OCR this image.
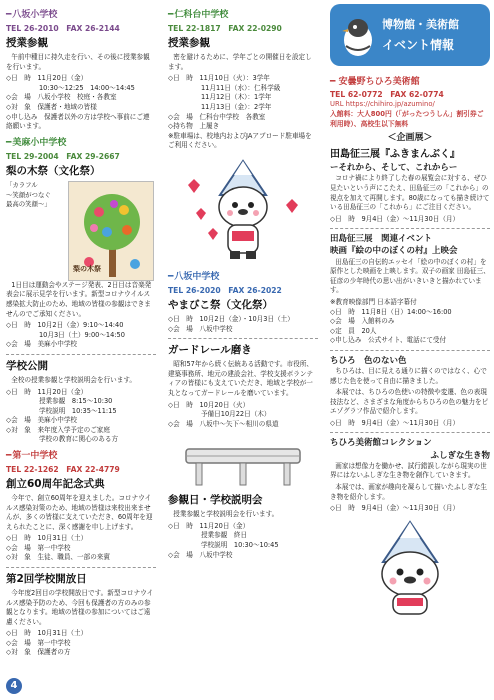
━ 八坂小学校
TEL 26-2010　FAX 26-2144
授業参観
午前中種目に持久走を行い、その後に授業参観を行います。
◇日　時　11月20日（金）
　　　　　10:30～12:25　14:00～14:45
◇会　場　八坂小学校　校庭・各教室
◇対　象　保護者・地域の皆様
◇申し込み　保護者以外の方は学校へ事前にご連絡願います。
━ 美麻小中学校
TEL 29-2004　FAX 29-2667
梨の木祭（文化祭）
「カラフル
～笑顔がつなぐ
最高の笑顔～」
梨の木祭
1日目は運動会やステージ発表、2日目は音楽発表会に展示見学を行います。新型コロナウイルス感染拡大防止のため、地域の皆様の参観はできませんのでご承知ください。
◇日　時　10月2日（金）9:10～14:40
　　　　　10月3日（土）9:00～14:50
◇会　場　美麻小中学校
学校公開
全校の授業参観と学校説明会を行います。
◇日　時　11月20日（金）
　　　　　授業参観　8:15～10:30
　　　　　学校説明　10:35～11:15
◇会　場　美麻小中学校
◇対　象　来年度入学予定のご家庭
　　　　　学校の教育に関心のある方
━ 第一中学校
TEL 22-1262　FAX 22-4779
創立60周年記念式典
今年で、創立60周年を迎えました。コロナウイルス感染対策のため、地域の皆様は来校出来ませんが、多くの皆様に支えていただき、60周年を迎えられたことに、深く感謝を申し上げます。
◇日　時　10月31日（土）
◇会　場　第一中学校
◇対　象　生徒、職員、一部の来賓
第2回学校開放日
今年度2回目の学校開放日です。新型コロナウイルス感染予防のため、今回も保護者の方のみの参観となります。地域の皆様の参加についてはご遠慮ください。
◇日　時　10月31日（土）
◇会　場　第一中学校
◇対　象　保護者の方
━ 仁科台中学校
TEL 22-1817　FAX 22-0290
授業参観
密を避けるために、学年ごとの開催日を設定します。
◇日　時　11月10日（火）：3学年
　　　　　11月11日（水）：仁科学級
　　　　　11月12日（木）：1学年
　　　　　11月13日（金）：2学年
◇会　場　仁科台中学校　各教室
◇持ち物　上履き
※駐車場は、校地内およびJAアブロード駐車場をご利用ください。
━ 八坂中学校
TEL 26-2020　FAX 26-2022
やまびこ祭（文化祭）
◇日　時　10月2日（金）・10月3日（土）
◇会　場　八坂中学校
ガードレール磨き
昭和57年から続く伝統ある活動です。市役所、建築事務所、地元の建設会社、学校支援ボランティアの皆様にも支えていただき、地域と学校が一丸となってガードレールを磨いています。
◇日　時　10月20日（火）
　　　　　予備日10月22日（木）
◇会　場　八坂中～矢下～相川の県道
参観日・学校説明会
授業参観と学校説明会を行います。
◇日　時　11月20日（金）
　　　　　授業参観　終日
　　　　　学校説明　10:30～10:45
◇会　場　八坂中学校
博物館・美術館
イベント情報
━ 安曇野ちひろ美術館
TEL 62-0772　FAX 62-0774
URL https://chihiro.jp/azumino/
入館料：大人800円（「がったつうしん」割引券ご利用時）、高校生以下無料
＜企画展＞
田島征三展『ふきまんぶく』
ーそれから、そして、これからー
コロナ禍により終了した春の展覧会に対する、ぜひ見たいという声にこたえ、田島征三の「これから」の視点を加えて再開します。80歳になっても描き続けている田島征三の「これから」にご注目ください。
◇日　時　9月4日（金）～11月30日（月）
田島征三展　関連イベント
映画『絵の中のぼくの村』上映会
田島征三の自伝的エッセイ「絵の中のぼくの村」を原作とした映画を上映します。双子の画家 田島征三、征彦の少年時代の思い出がいきいきと描かれています。
※教育映像部門 日本語字幕付
◇日　時　11月8日（日）14:00～16:00
◇会　場　入館料のみ
◇定　員　20人
◇申し込み　公式サイト、電話にて受付
ちひろ　色のない色
ちひろは、目に見える通りに描くのではなく、心で感じた色を使って自由に描きました。
本展では、ちひろの色使いの特徴や変遷、色の表現技法など、さまざまな角度からちひろの色の魅力をピエゾグラフ作品で紹介します。
◇日　時　9月4日（金）～11月30日（月）
ちひろ美術館コレクション
ふしぎな生き物
画家は想像力を働かせ、試行錯誤しながら現実の世界にはないふしぎな生き物を創作していきます。
本展では、画家が趣向を凝らして描いたふしぎな生き物を紹介します。
◇日　時　9月4日（金）～11月30日（月）
4
